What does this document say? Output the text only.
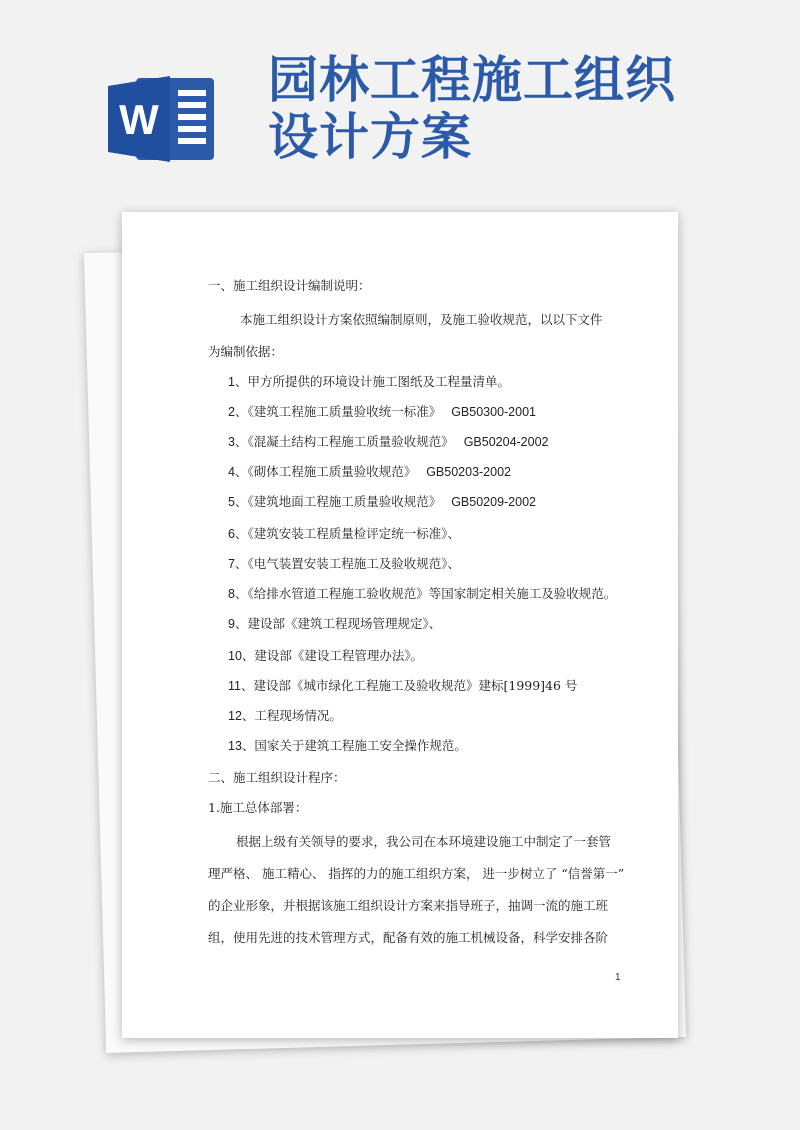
W
园林工程施工组织
设计方案

一、施工组织设计编制说明：

本施工组织设计方案依照编制原则，及施工验收规范，以以下文件

为编制依据：

1、甲方所提供的环境设计施工图纸及工程量清单。

2、《建筑工程施工质量验收统一标准》 GB50300-2001

3、《混凝土结构工程施工质量验收规范》 GB50204-2002

4、《砌体工程施工质量验收规范》 GB50203-2002

5、《建筑地面工程施工质量验收规范》 GB50209-2002

6、《建筑安装工程质量检评定统一标准》、

7、《电气装置安装工程施工及验收规范》、

8、《给排水管道工程施工验收规范》等国家制定相关施工及验收规范。

9、建设部《建筑工程现场管理规定》、

10、建设部《建设工程管理办法》。

11、建设部《城市绿化工程施工及验收规范》建标[1999]46 号

12、工程现场情况。

13、国家关于建筑工程施工安全操作规范。

二、施工组织设计程序：

1.施工总体部署：

根据上级有关领导的要求，我公司在本环境建设施工中制定了一套管

理严格、 施工精心、 指挥的力的施工组织方案， 进一步树立了 “信誉第一”

的企业形象，并根据该施工组织设计方案来指导班子，抽调一流的施工班

组，使用先进的技术管理方式，配备有效的施工机械设备，科学安排各阶

1
